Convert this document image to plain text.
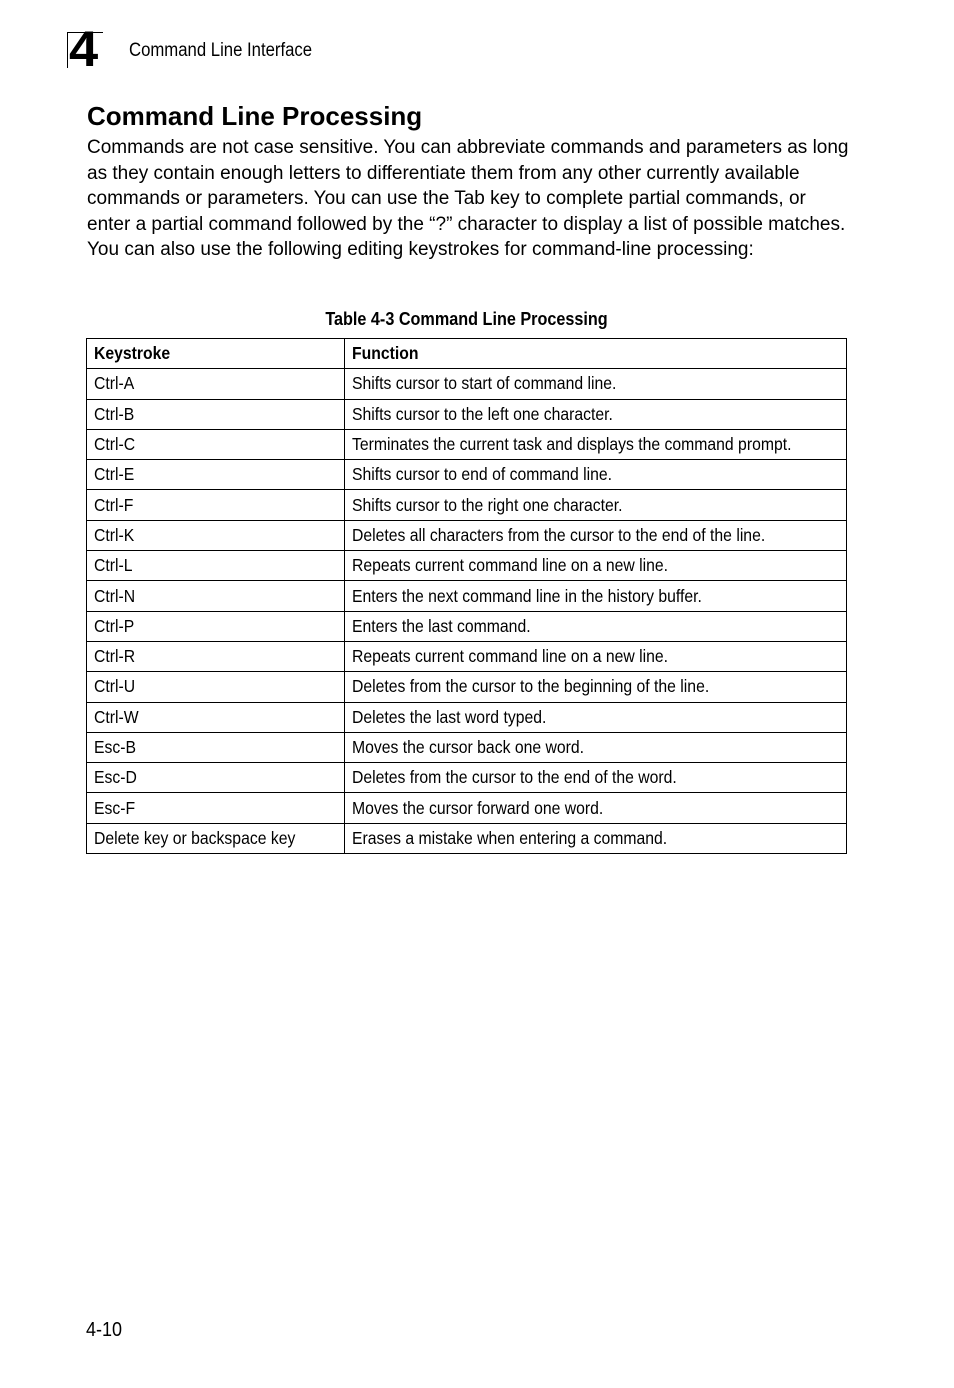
4 Command Line Interface
Command Line Processing

Commands are not case sensitive. You can abbreviate commands and parameters as long as they contain enough letters to differentiate them from any other currently available commands or parameters. You can use the Tab key to complete partial commands, or enter a partial command followed by the “?” character to display a list of possible matches. You can also use the following editing keystrokes for command-line processing:

Table 4-3 Command Line Processing
Keystroke	Function
Ctrl-A	Shifts cursor to start of command line.
Ctrl-B	Shifts cursor to the left one character.
Ctrl-C	Terminates the current task and displays the command prompt.
Ctrl-E	Shifts cursor to end of command line.
Ctrl-F	Shifts cursor to the right one character.
Ctrl-K	Deletes all characters from the cursor to the end of the line.
Ctrl-L	Repeats current command line on a new line.
Ctrl-N	Enters the next command line in the history buffer.
Ctrl-P	Enters the last command.
Ctrl-R	Repeats current command line on a new line.
Ctrl-U	Deletes from the cursor to the beginning of the line.
Ctrl-W	Deletes the last word typed.
Esc-B	Moves the cursor back one word.
Esc-D	Deletes from the cursor to the end of the word.
Esc-F	Moves the cursor forward one word.
Delete key or backspace key	Erases a mistake when entering a command.
4-10
